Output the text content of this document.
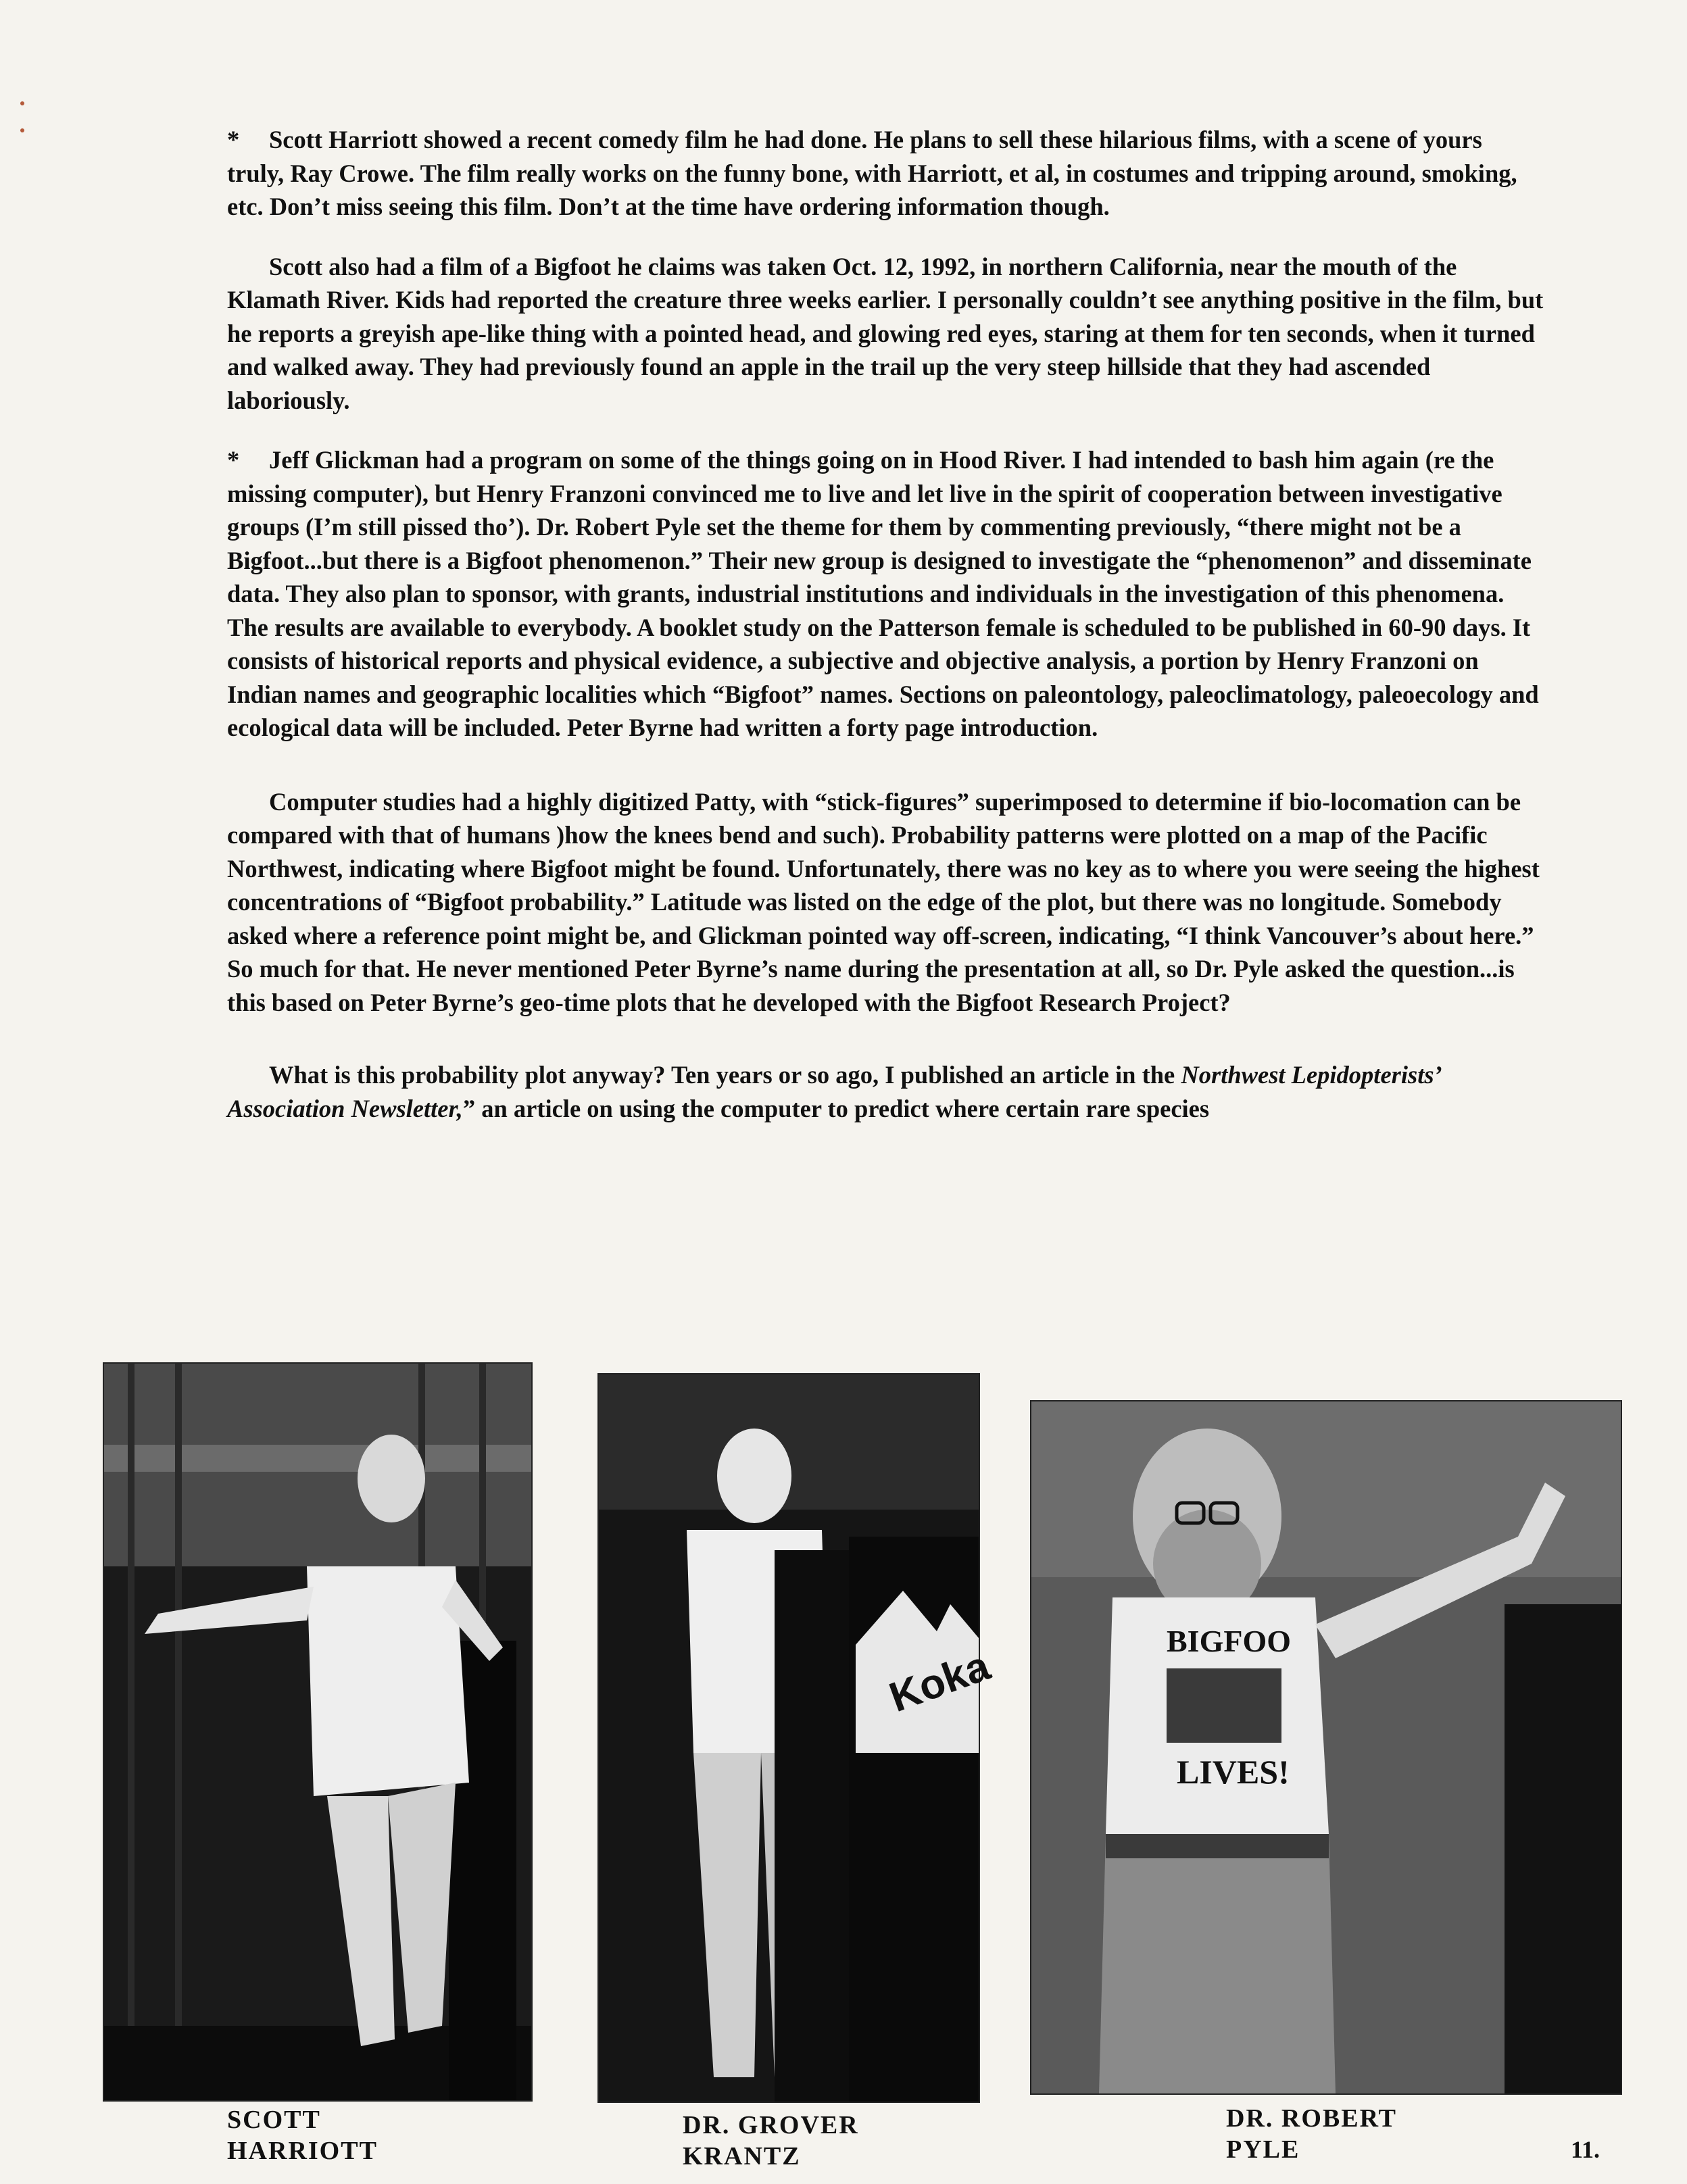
* Scott Harriott showed a recent comedy film he had done. He plans to sell these hilarious films, with a scene of yours truly, Ray Crowe. The film really works on the funny bone, with Harriott, et al, in costumes and tripping around, smoking, etc. Don’t miss seeing this film. Don’t at the time have ordering information though.

Scott also had a film of a Bigfoot he claims was taken Oct. 12, 1992, in northern California, near the mouth of the Klamath River. Kids had reported the creature three weeks earlier. I personally couldn’t see anything positive in the film, but he reports a greyish ape-like thing with a pointed head, and glowing red eyes, staring at them for ten seconds, when it turned and walked away. They had previously found an apple in the trail up the very steep hillside that they had ascended laboriously.

* Jeff Glickman had a program on some of the things going on in Hood River. I had intended to bash him again (re the missing computer), but Henry Franzoni convinced me to live and let live in the spirit of cooperation between investigative groups (I’m still pissed tho’). Dr. Robert Pyle set the theme for them by commenting previously, “there might not be a Bigfoot...but there is a Bigfoot phenomenon.” Their new group is designed to investigate the “phenomenon” and disseminate data. They also plan to sponsor, with grants, industrial institutions and individuals in the investigation of this phenomena. The results are available to everybody. A booklet study on the Patterson female is scheduled to be published in 60-90 days. It consists of historical reports and physical evidence, a subjective and objective analysis, a portion by Henry Franzoni on Indian names and geographic localities which “Bigfoot” names. Sections on paleontology, paleoclimatology, paleoecology and ecological data will be included. Peter Byrne had written a forty page introduction.

Computer studies had a highly digitized Patty, with “stick-figures” superimposed to determine if bio-locomation can be compared with that of humans )how the knees bend and such). Probability patterns were plotted on a map of the Pacific Northwest, indicating where Bigfoot might be found. Unfortunately, there was no key as to where you were seeing the highest concentrations of “Bigfoot probability.” Latitude was listed on the edge of the plot, but there was no longitude. Somebody asked where a reference point might be, and Glickman pointed way off-screen, indicating, “I think Vancouver’s about here.” So much for that. He never mentioned Peter Byrne’s name during the presentation at all, so Dr. Pyle asked the question...is this based on Peter Byrne’s geo-time plots that he developed with the Bigfoot Research Project?

What is this probability plot anyway? Ten years or so ago, I published an article in the Northwest Lepidopterists’ Association Newsletter,” an article on using the computer to predict where certain rare species

Koka
BIGFOO
LIVES!
SCOTT
HARRIOTT
DR. GROVER
KRANTZ
DR. ROBERT
PYLE	11.
